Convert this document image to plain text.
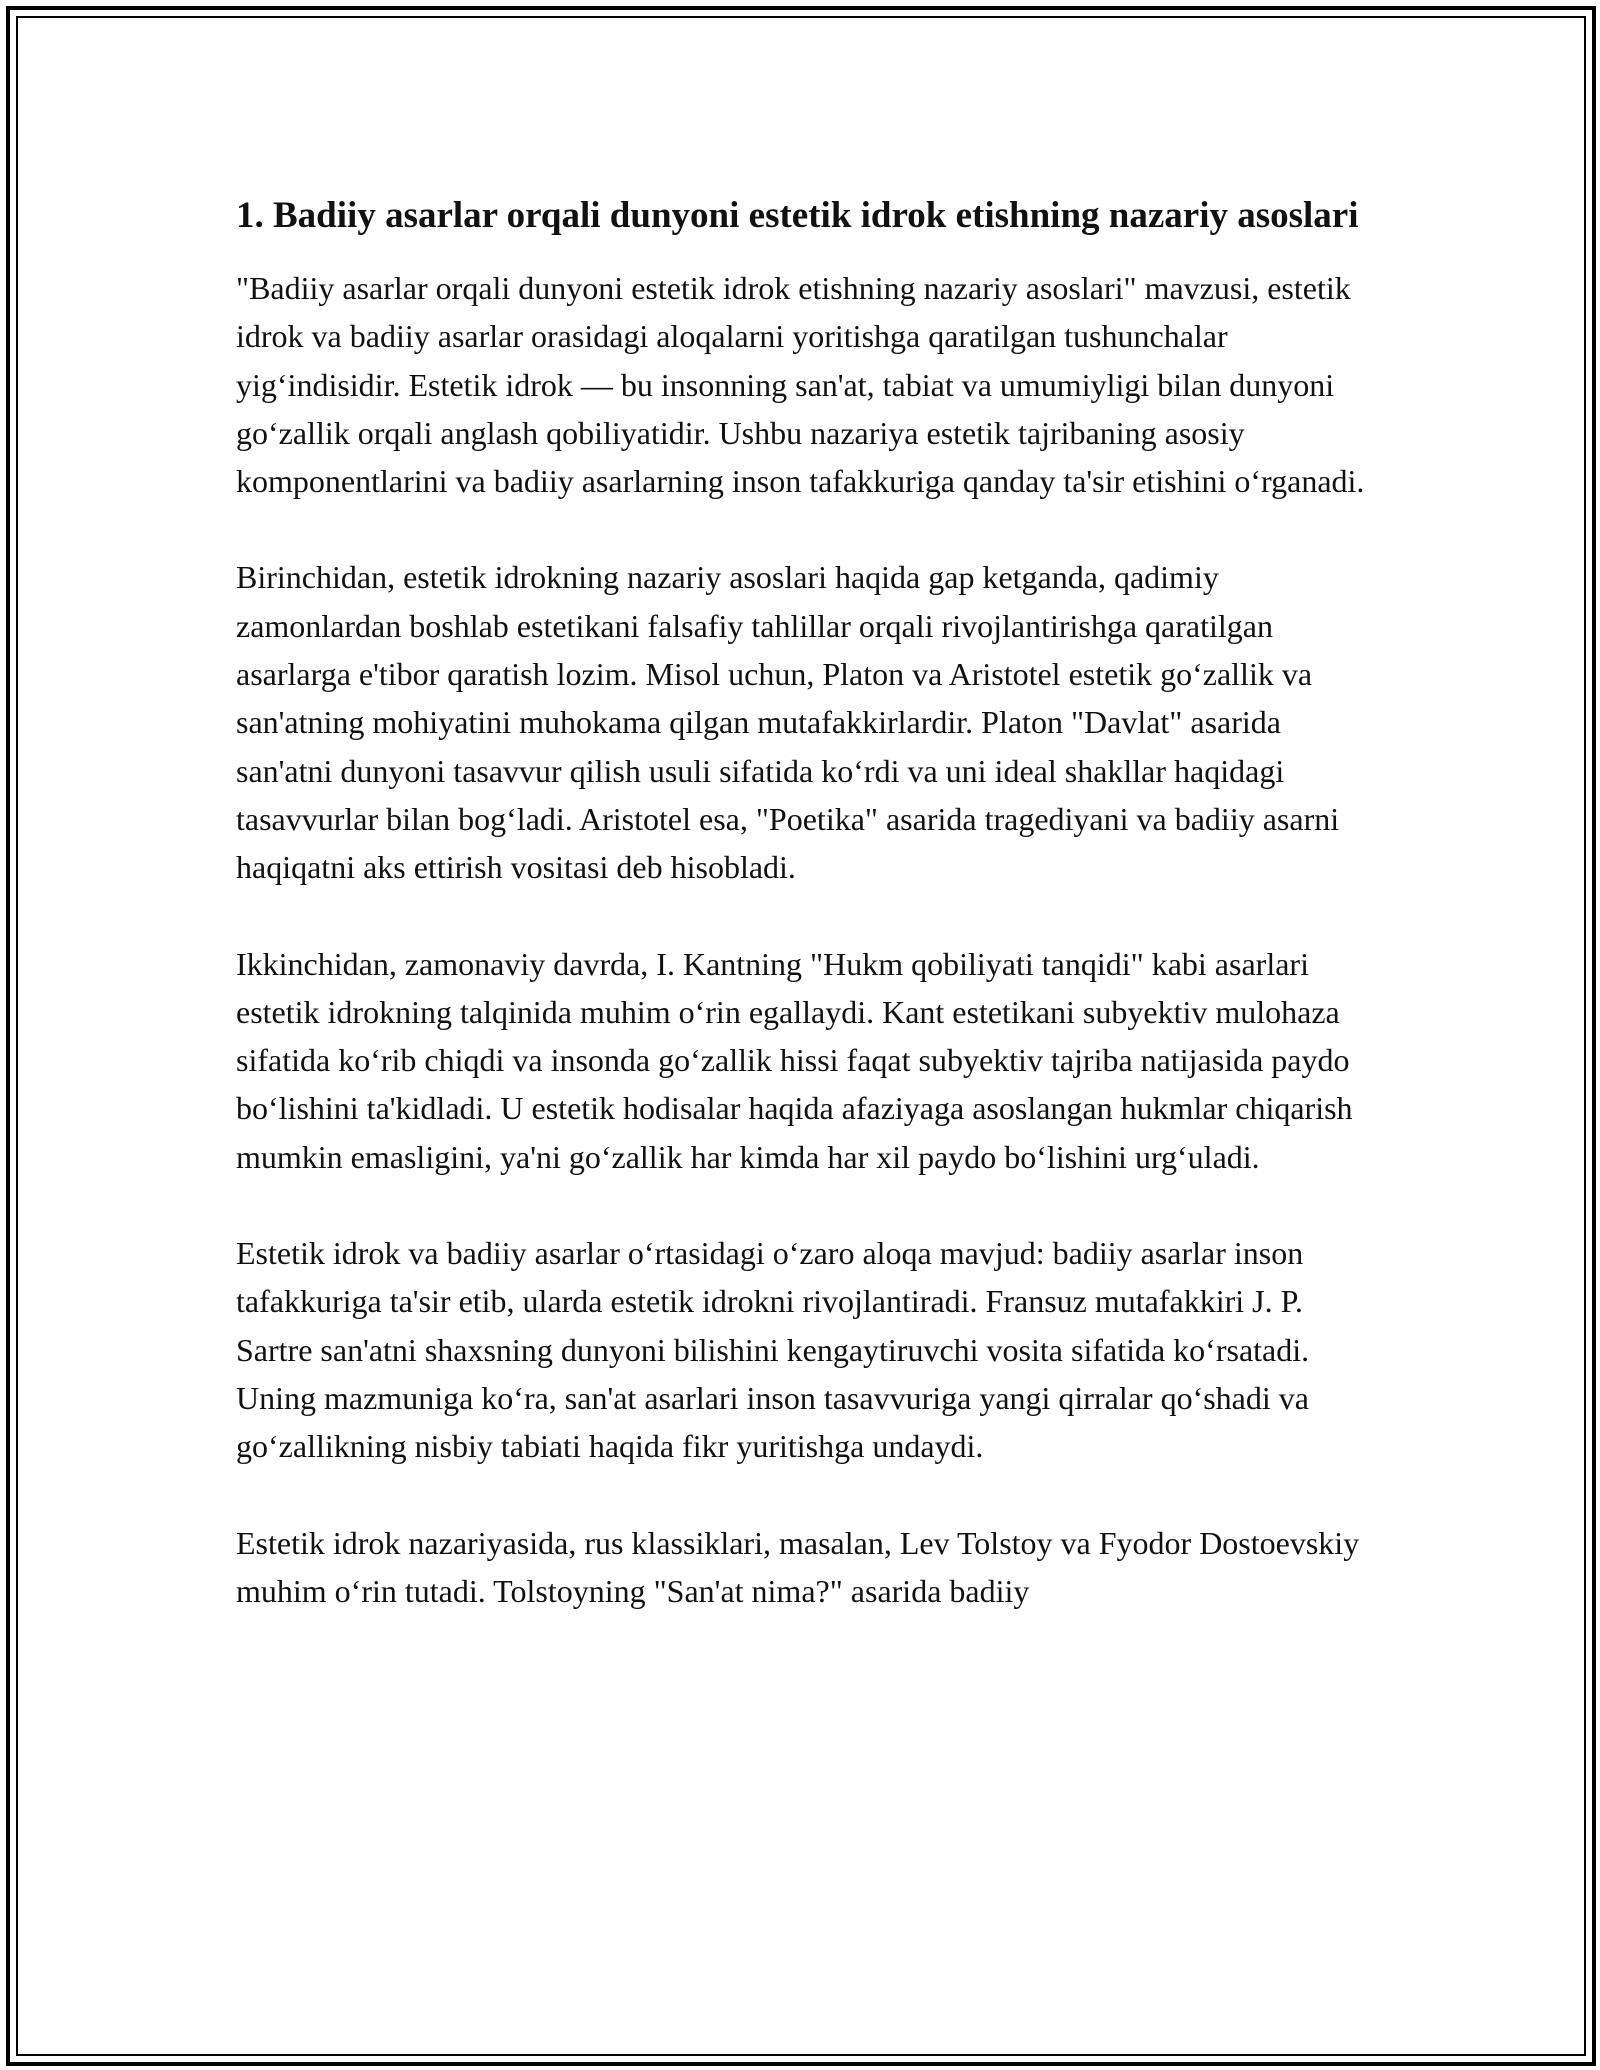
1. Badiiy asarlar orqali dunyoni estetik idrok etishning nazariy asoslari

"Badiiy asarlar orqali dunyoni estetik idrok etishning nazariy asoslari" mavzusi, estetik idrok va badiiy asarlar orasidagi aloqalarni yoritishga qaratilgan tushunchalar yig‘indisidir. Estetik idrok — bu insonning san'at, tabiat va umumiyligi bilan dunyoni go‘zallik orqali anglash qobiliyatidir. Ushbu nazariya estetik tajribaning asosiy komponentlarini va badiiy asarlarning inson tafakkuriga qanday ta'sir etishini o‘rganadi.

Birinchidan, estetik idrokning nazariy asoslari haqida gap ketganda, qadimiy zamonlardan boshlab estetikani falsafiy tahlillar orqali rivojlantirishga qaratilgan asarlarga e'tibor qaratish lozim. Misol uchun, Platon va Aristotel estetik go‘zallik va san'atning mohiyatini muhokama qilgan mutafakkirlardir. Platon "Davlat" asarida san'atni dunyoni tasavvur qilish usuli sifatida ko‘rdi va uni ideal shakllar haqidagi tasavvurlar bilan bog‘ladi. Aristotel esa, "Poetika" asarida tragediyani va badiiy asarni haqiqatni aks ettirish vositasi deb hisobladi.

Ikkinchidan, zamonaviy davrda, I. Kantning "Hukm qobiliyati tanqidi" kabi asarlari estetik idrokning talqinida muhim o‘rin egallaydi. Kant estetikani subyektiv mulohaza sifatida ko‘rib chiqdi va insonda go‘zallik hissi faqat subyektiv tajriba natijasida paydo bo‘lishini ta'kidladi. U estetik hodisalar haqida afaziyaga asoslangan hukmlar chiqarish mumkin emasligini, ya'ni go‘zallik har kimda har xil paydo bo‘lishini urg‘uladi.

Estetik idrok va badiiy asarlar o‘rtasidagi o‘zaro aloqa mavjud: badiiy asarlar inson tafakkuriga ta'sir etib, ularda estetik idrokni rivojlantiradi. Fransuz mutafakkiri J. P. Sartre san'atni shaxsning dunyoni bilishini kengaytiruvchi vosita sifatida ko‘rsatadi. Uning mazmuniga ko‘ra, san'at asarlari inson tasavvuriga yangi qirralar qo‘shadi va go‘zallikning nisbiy tabiati haqida fikr yuritishga undaydi.

Estetik idrok nazariyasida, rus klassiklari, masalan, Lev Tolstoy va Fyodor Dostoevskiy muhim o‘rin tutadi. Tolstoyning "San'at nima?" asarida badiiy
